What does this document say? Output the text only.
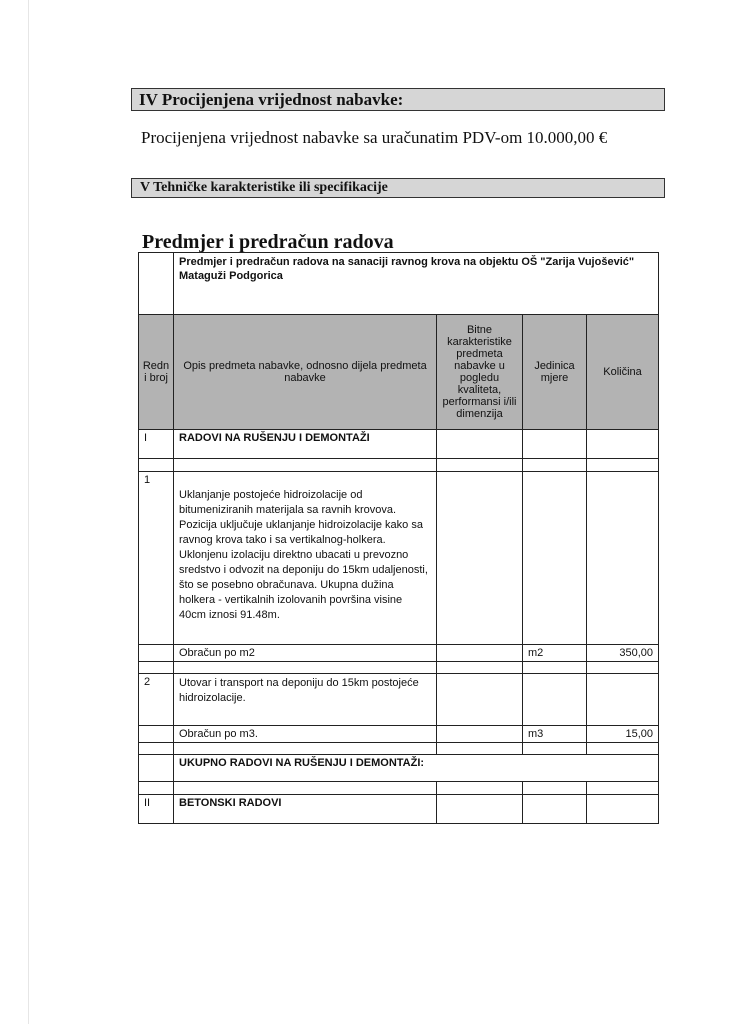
IV Procijenjena vrijednost nabavke:
Procijenjena vrijednost nabavke sa uračunatim PDV-om 10.000,00 €
V Tehničke karakteristike ili specifikacije
Predmjer i predračun radova
	Predmjer i predračun radova na sanaciji ravnog krova na objektu OŠ "Zarija Vujošević" Mataguži Podgorica			
Redn i broj	Opis predmeta nabavke, odnosno dijela predmeta nabavke	Bitne karakteristike predmeta nabavke u pogledu kvaliteta, performansi i/ili dimenzija	Jedinica mjere	Količina
I	RADOVI NA RUŠENJU I DEMONTAŽI			

1	Uklanjanje postojeće hidroizolacije od bitumeniziranih materijala sa ravnih krovova. Pozicija uključuje uklanjanje hidroizolacije kako sa ravnog krova tako i sa vertikalnog-holkera. Uklonjenu izolaciju direktno ubacati u prevozno sredstvo i odvozit na deponiju do 15km udaljenosti, što se posebno obračunava. Ukupna dužina holkera - vertikalnih izolovanih površina visine 40cm iznosi 91.48m.			
	Obračun po m2		m2	350,00

2	Utovar i transport na deponiju do 15km postojeće hidroizolacije.			
	Obračun po m3.		m3	15,00

	UKUPNO RADOVI NA RUŠENJU I DEMONTAŽI:			

II	BETONSKI RADOVI			
